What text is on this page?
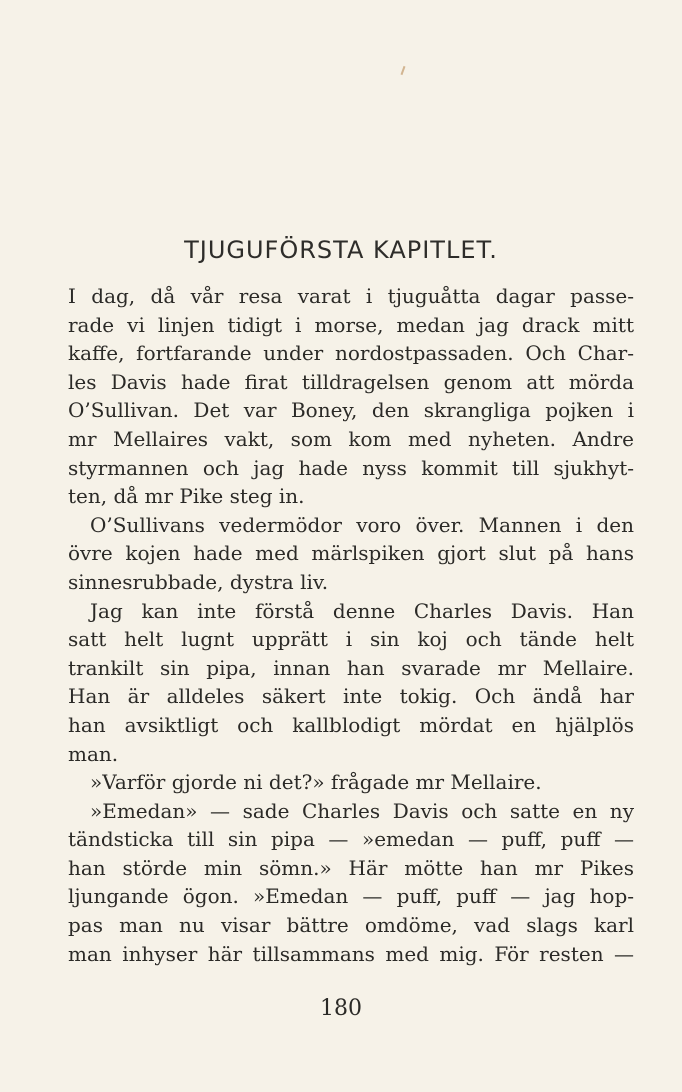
TJUGUFÖRSTA KAPITLET.
I dag, då vår resa varat i tjuguåtta dagar passe-
rade vi linjen tidigt i morse, medan jag drack mitt
kaffe, fortfarande under nordostpassaden. Och Char-
les Davis hade firat tilldragelsen genom att mörda
O’Sullivan. Det var Boney, den skrangliga pojken i
mr Mellaires vakt, som kom med nyheten. Andre
styrmannen och jag hade nyss kommit till sjukhyt-
ten, då mr Pike steg in.
O’Sullivans vedermödor voro över. Mannen i den
övre kojen hade med märlspiken gjort slut på hans
sinnesrubbade, dystra liv.
Jag kan inte förstå denne Charles Davis. Han
satt helt lugnt upprätt i sin koj och tände helt
trankilt sin pipa, innan han svarade mr Mellaire.
Han är alldeles säkert inte tokig. Och ändå har
han avsiktligt och kallblodigt mördat en hjälplös
man.
»Varför gjorde ni det?» frågade mr Mellaire.
»Emedan» — sade Charles Davis och satte en ny
tändsticka till sin pipa — »emedan — puff, puff —
han störde min sömn.» Här mötte han mr Pikes
ljungande ögon. »Emedan — puff, puff — jag hop-
pas man nu visar bättre omdöme, vad slags karl
man inhyser här tillsammans med mig. För resten —
180
